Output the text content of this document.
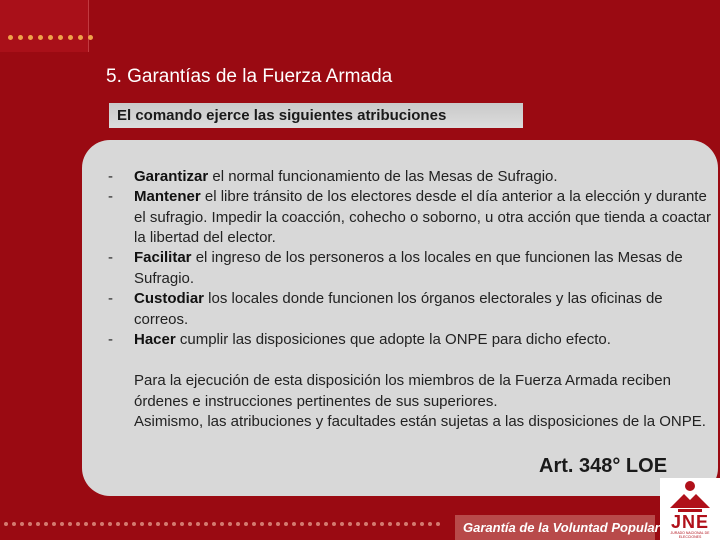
5. Garantías de la Fuerza Armada
El comando ejerce las siguientes atribuciones
- Garantizar el normal funcionamiento de las Mesas de Sufragio.
- Mantener el libre tránsito de los electores desde el día anterior a la elección y durante el sufragio. Impedir la coacción, cohecho o soborno, u otra acción que tienda a coactar la libertad del elector.
- Facilitar el ingreso de los personeros a los locales en que funcionen las Mesas de Sufragio.
- Custodiar los locales donde funcionen los órganos electorales y las oficinas de correos.
- Hacer cumplir las disposiciones que adopte la ONPE para dicho efecto.
Para la ejecución de esta disposición los miembros de la Fuerza Armada reciben órdenes e instrucciones pertinentes de sus superiores.
Asimismo, las atribuciones y facultades están sujetas a las disposiciones de la ONPE.
Art. 348° LOE
Garantía de la Voluntad Popular JNE
JURADO NACIONAL DE ELECCIONES
